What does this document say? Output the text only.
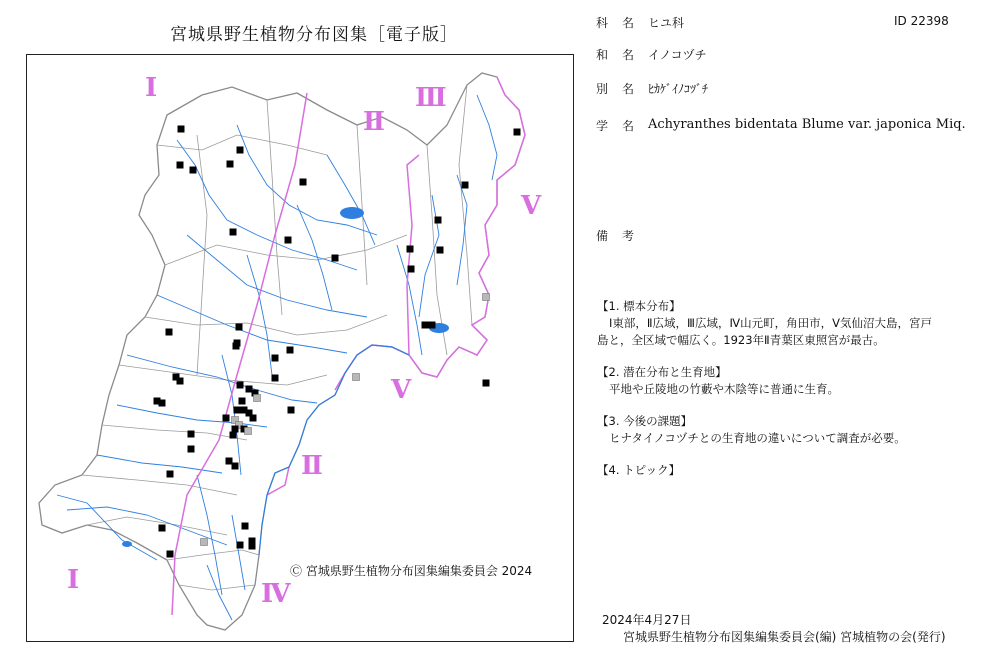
宮城県野生植物分布図集［電子版］
Ⅰ
Ⅱ
Ⅲ
Ⅴ
Ⅴ
Ⅱ
Ⅰ	Ⅳ
Ⓒ 宮城県野生植物分布図集編集委員会 2024
科 名 ヒユ科	ID 22398
和 名 イノコヅチ
別 名 ﾋｶｹﾞｲﾉｺﾂﾞﾁ
学 名 Achyranthes bidentata Blume var. japonica Miq.
備 考
【1. 標本分布】
Ⅰ東部，Ⅱ広域，Ⅲ広域，Ⅳ山元町，角田市，Ⅴ気仙沼大島，宮戸
島と，全区域で幅広く。1923年Ⅱ青葉区東照宮が最古。
【2. 潜在分布と生育地】
平地や丘陵地の竹藪や木陰等に普通に生育。
【3. 今後の課題】
ヒナタイノコヅチとの生育地の違いについて調査が必要。
【4. トピック】
2024年4月27日
宮城県野生植物分布図集編集委員会(編) 宮城植物の会(発行)
